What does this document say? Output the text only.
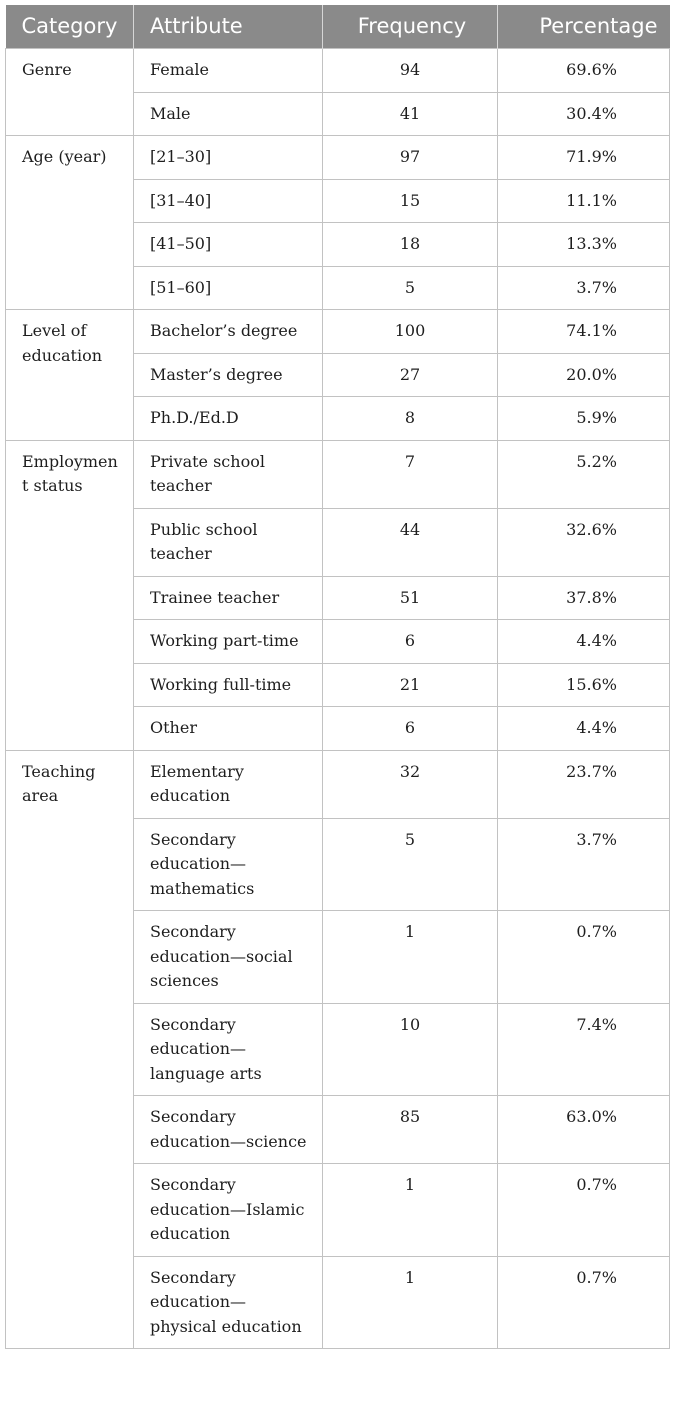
Category	Attribute	Frequency	Percentage
Genre	Female	94	69.6%
	Male	41	30.4%
Age (year)	[21–30]	97	71.9%
	[31–40]	15	11.1%
	[41–50]	18	13.3%
	[51–60]	5	3.7%
Level of education	Bachelor’s degree	100	74.1%
	Master’s degree	27	20.0%
	Ph.D./Ed.D	8	5.9%
Employment status	Private school teacher	7	5.2%
	Public school teacher	44	32.6%
	Trainee teacher	51	37.8%
	Working part-time	6	4.4%
	Working full-time	21	15.6%
	Other	6	4.4%
Teaching area	Elementary education	32	23.7%
	Secondary education—mathematics	5	3.7%
	Secondary education—social sciences	1	0.7%
	Secondary education—language arts	10	7.4%
	Secondary education—science	85	63.0%
	Secondary education—Islamic education	1	0.7%
	Secondary education—physical education	1	0.7%
